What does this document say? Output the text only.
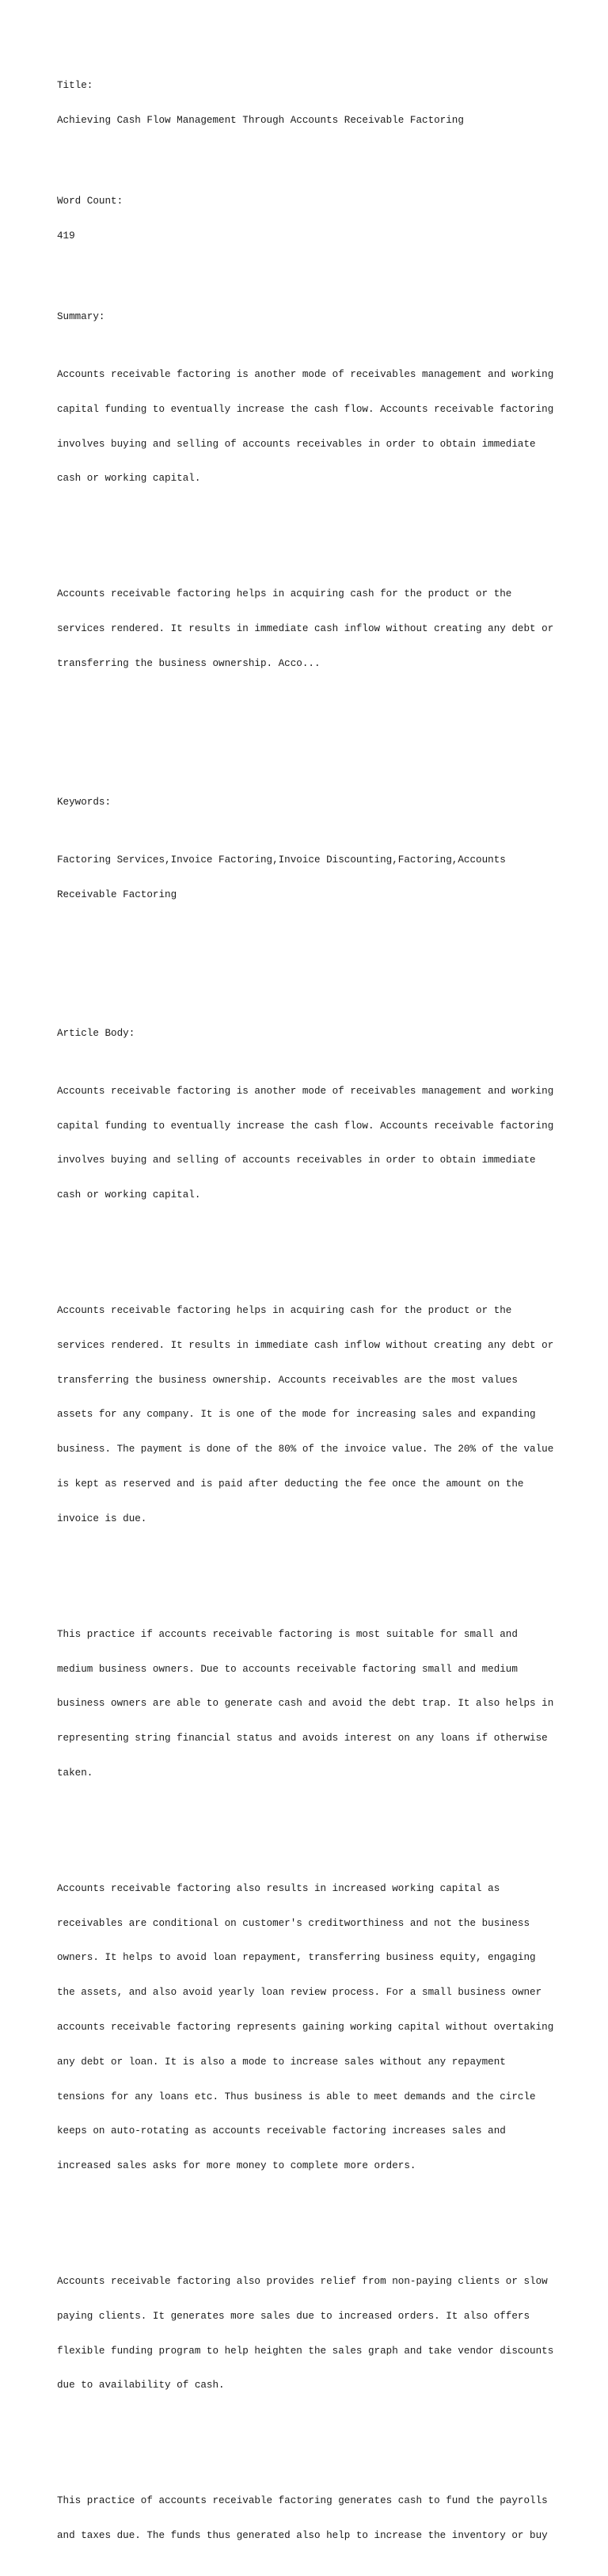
Title:

Achieving Cash Flow Management Through Accounts Receivable Factoring

Word Count:

419

Summary:

Accounts receivable factoring is another mode of receivables management and working

capital funding to eventually increase the cash flow. Accounts receivable factoring

involves buying and selling of accounts receivables in order to obtain immediate

cash or working capital.

Accounts receivable factoring helps in acquiring cash for the product or the

services rendered. It results in immediate cash inflow without creating any debt or

transferring the business ownership. Acco...

Keywords:

Factoring Services,Invoice Factoring,Invoice Discounting,Factoring,Accounts

Receivable Factoring

Article Body:

Accounts receivable factoring is another mode of receivables management and working

capital funding to eventually increase the cash flow. Accounts receivable factoring

involves buying and selling of accounts receivables in order to obtain immediate

cash or working capital.

Accounts receivable factoring helps in acquiring cash for the product or the

services rendered. It results in immediate cash inflow without creating any debt or

transferring the business ownership. Accounts receivables are the most values

assets for any company. It is one of the mode for increasing sales and expanding

business. The payment is done of the 80% of the invoice value. The 20% of the value

is kept as reserved and is paid after deducting the fee once the amount on the

invoice is due.

This practice if accounts receivable factoring is most suitable for small and

medium business owners. Due to accounts receivable factoring small and medium

business owners are able to generate cash and avoid the debt trap. It also helps in

representing string financial status and avoids interest on any loans if otherwise

taken.

Accounts receivable factoring also results in increased working capital as

receivables are conditional on customer's creditworthiness and not the business

owners. It helps to avoid loan repayment, transferring business equity, engaging

the assets, and also avoid yearly loan review process. For a small business owner

accounts receivable factoring represents gaining working capital without overtaking

any debt or loan. It is also a mode to increase sales without any repayment

tensions for any loans etc. Thus business is able to meet demands and the circle

keeps on auto-rotating as accounts receivable factoring increases sales and

increased sales asks for more money to complete more orders.

Accounts receivable factoring also provides relief from non-paying clients or slow

paying clients. It generates more sales due to increased orders. It also offers

flexible funding program to help heighten the sales graph and take vendor discounts

due to availability of cash.

This practice of accounts receivable factoring generates cash to fund the payrolls

and taxes due. The funds thus generated also help to increase the inventory or buy
